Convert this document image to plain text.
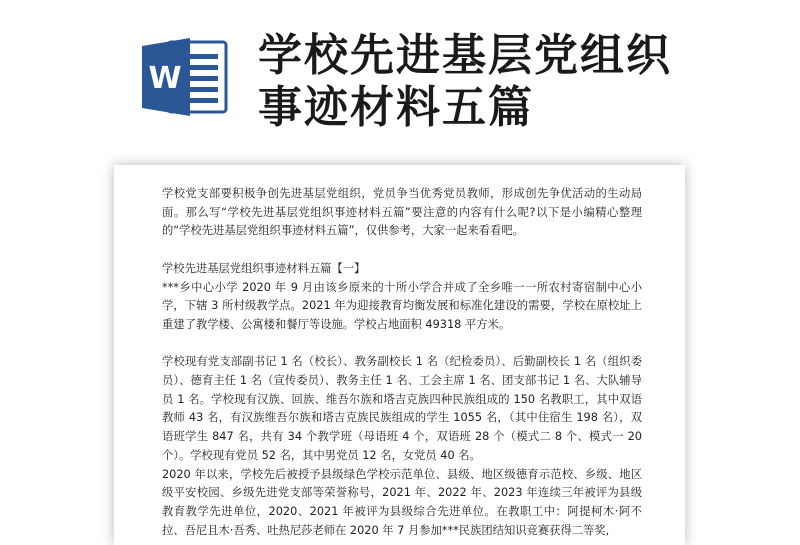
W 学校先进基层党组织
事迹材料五篇

学校党支部要积极争创先进基层党组织，党员争当优秀党员教师，形成创先争优活动的生动局面。那么写“学校先进基层党组织事迹材料五篇”要注意的内容有什么呢?以下是小编精心整理的“学校先进基层党组织事迹材料五篇”，仅供参考，大家一起来看看吧。

学校先进基层党组织事迹材料五篇【一】

***乡中心小学 2020 年 9 月由该乡原来的十所小学合并成了全乡唯一一所农村寄宿制中心小学，下辖 3 所村级教学点。2021 年为迎接教育均衡发展和标准化建设的需要，学校在原校址上重建了教学楼、公寓楼和餐厅等设施。学校占地面积 49318 平方米。

学校现有党支部副书记 1 名（校长）、教务副校长 1 名（纪检委员）、后勤副校长 1 名（组织委员）、德育主任 1 名（宣传委员）、教务主任 1 名、工会主席 1 名、团支部书记 1 名、大队辅导员 1 名。学校现有汉族、回族、维吾尔族和塔吉克族四种民族组成的 150 名教职工，其中双语教师 43 名，有汉族维吾尔族和塔吉克族民族组成的学生 1055 名，（其中住宿生 198 名），双语班学生 847 名，共有 34 个教学班（母语班 4 个，双语班 28 个（模式二 8 个、模式一 20 个）。学校现有党员 52 名，其中男党员 12 名，女党员 40 名。

2020 年以来，学校先后被授予县级绿色学校示范单位、县级、地区级德育示范校、乡级、地区级平安校园、乡级先进党支部等荣誉称号，2021 年、2022 年、2023 年连续三年被评为县级教育教学先进单位，2020、2021 年被评为县级综合先进单位。在教职工中：阿提柯木·阿不拉、吾尼且木·吾秀、吐热尼莎老师在 2020 年 7 月参加***民族团结知识竞赛获得二等奖,
